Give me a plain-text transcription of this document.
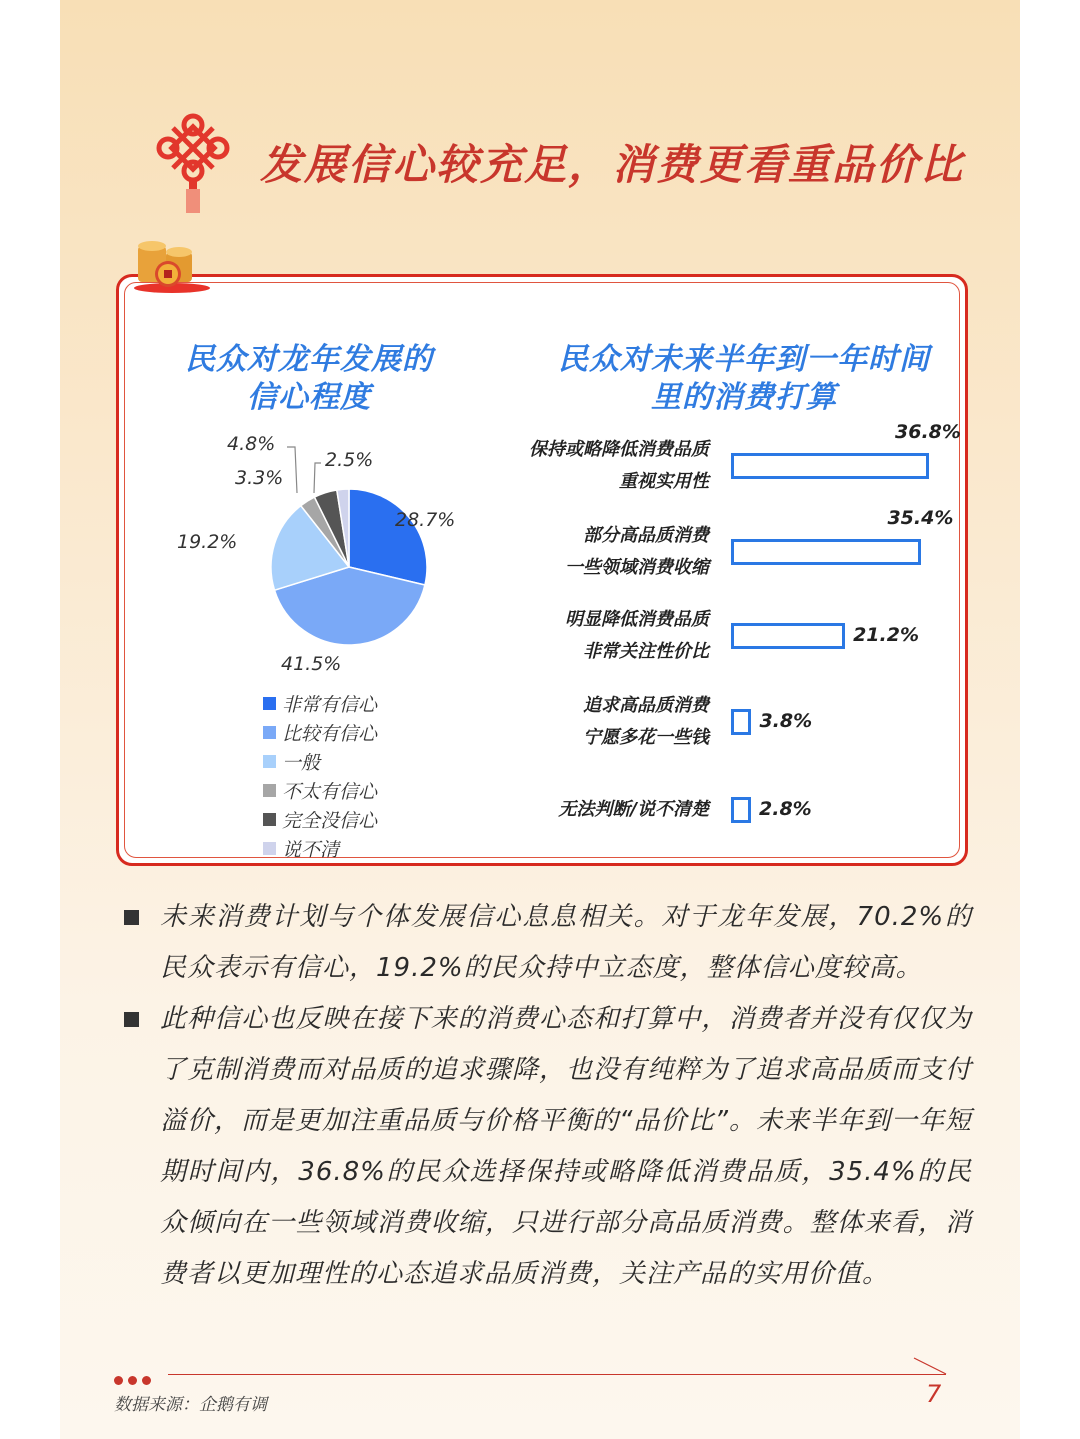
发展信心较充足，消费更看重品价比
民众对龙年发展的
信心程度
民众对未来半年到一年时间
里的消费打算
28.7%
41.5%
19.2%
3.3%
4.8%
2.5%
非常有信心
比较有信心
一般
不太有信心
完全没信心
说不清
保持或略降低消费品质
重视实用性
36.8%
部分高品质消费
一些领域消费收缩
35.4%
明显降低消费品质
非常关注性价比
21.2%
追求高品质消费
宁愿多花一些钱
3.8%
无法判断/说不清楚	2.8%
未来消费计划与个体发展信心息息相关。对于龙年发展，70.2%的民众表示有信心，19.2%的民众持中立态度，整体信心度较高。
此种信心也反映在接下来的消费心态和打算中，消费者并没有仅仅为了克制消费而对品质的追求骤降，也没有纯粹为了追求高品质而支付溢价，而是更加注重品质与价格平衡的“品价比”。未来半年到一年短期时间内，36.8%的民众选择保持或略降低消费品质，35.4%的民众倾向在一些领域消费收缩，只进行部分高品质消费。整体来看，消费者以更加理性的心态追求品质消费，关注产品的实用价值。
数据来源：企鹅有调	7
